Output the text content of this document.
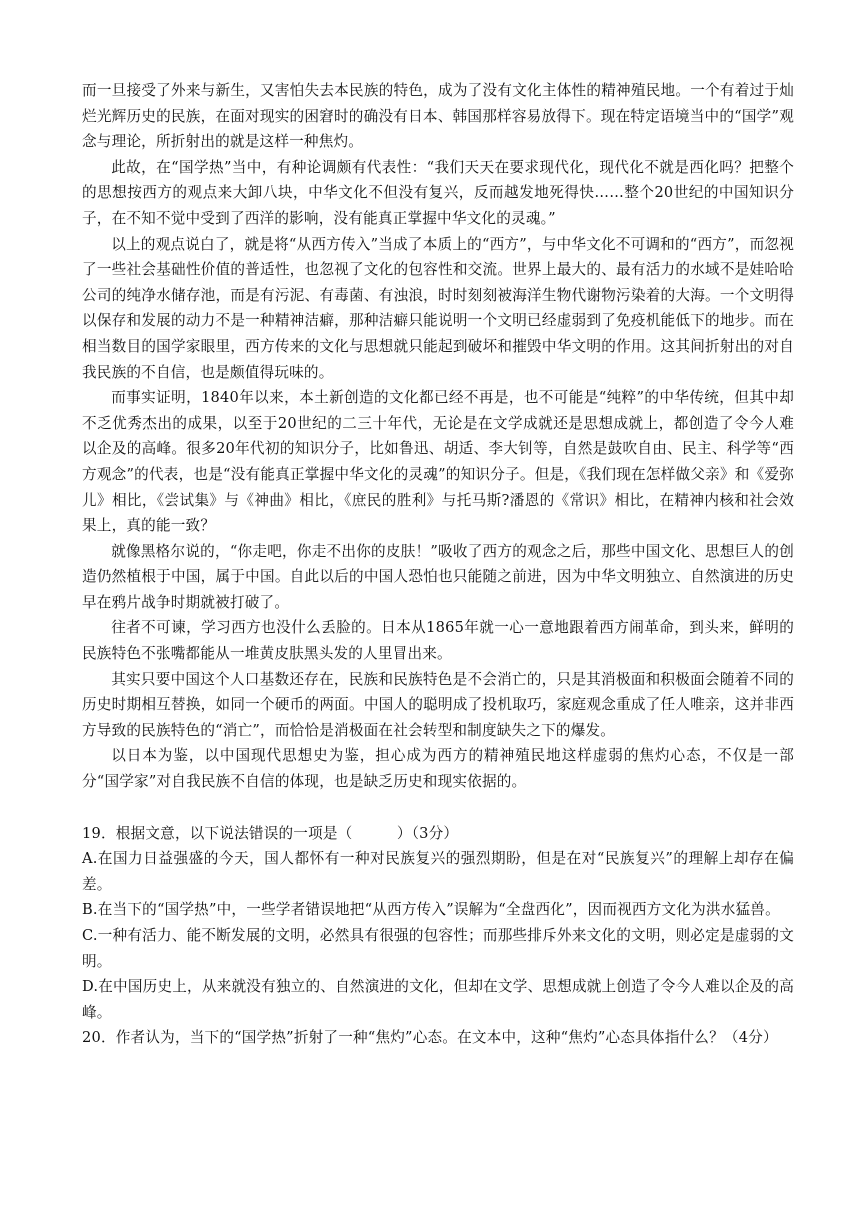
而一旦接受了外来与新生，又害怕失去本民族的特色，成为了没有文化主体性的精神殖民地。一个有着过于灿烂光辉历史的民族，在面对现实的困窘时的确没有日本、韩国那样容易放得下。现在特定语境当中的“国学”观念与理论，所折射出的就是这样一种焦灼。

此故，在“国学热”当中，有种论调颇有代表性：“我们天天在要求现代化，现代化不就是西化吗？把整个的思想按西方的观点来大卸八块，中华文化不但没有复兴，反而越发地死得快……整个20世纪的中国知识分子，在不知不觉中受到了西洋的影响，没有能真正掌握中华文化的灵魂。”

以上的观点说白了，就是将“从西方传入”当成了本质上的“西方”，与中华文化不可调和的“西方”，而忽视了一些社会基础性价值的普适性，也忽视了文化的包容性和交流。世界上最大的、最有活力的水域不是娃哈哈公司的纯净水储存池，而是有污泥、有毒菌、有浊浪，时时刻刻被海洋生物代谢物污染着的大海。一个文明得以保存和发展的动力不是一种精神洁癖，那种洁癖只能说明一个文明已经虚弱到了免疫机能低下的地步。而在相当数目的国学家眼里，西方传来的文化与思想就只能起到破坏和摧毁中华文明的作用。这其间折射出的对自我民族的不自信，也是颇值得玩味的。

而事实证明，1840年以来，本土新创造的文化都已经不再是，也不可能是“纯粹”的中华传统，但其中却不乏优秀杰出的成果，以至于20世纪的二三十年代，无论是在文学成就还是思想成就上，都创造了令今人难以企及的高峰。很多20年代初的知识分子，比如鲁迅、胡适、李大钊等，自然是鼓吹自由、民主、科学等“西方观念”的代表，也是“没有能真正掌握中华文化的灵魂”的知识分子。但是，《我们现在怎样做父亲》和《爱弥儿》相比，《尝试集》与《神曲》相比，《庶民的胜利》与托马斯?潘恩的《常识》相比，在精神内核和社会效果上，真的能一致？

就像黑格尔说的，“你走吧，你走不出你的皮肤！”吸收了西方的观念之后，那些中国文化、思想巨人的创造仍然植根于中国，属于中国。自此以后的中国人恐怕也只能随之前进，因为中华文明独立、自然演进的历史早在鸦片战争时期就被打破了。

往者不可谏，学习西方也没什么丢脸的。日本从1865年就一心一意地跟着西方闹革命，到头来，鲜明的民族特色不张嘴都能从一堆黄皮肤黑头发的人里冒出来。

其实只要中国这个人口基数还存在，民族和民族特色是不会消亡的，只是其消极面和积极面会随着不同的历史时期相互替换，如同一个硬币的两面。中国人的聪明成了投机取巧，家庭观念重成了任人唯亲，这并非西方导致的民族特色的“消亡”，而恰恰是消极面在社会转型和制度缺失之下的爆发。

以日本为鉴，以中国现代思想史为鉴，担心成为西方的精神殖民地这样虚弱的焦灼心态，不仅是一部分“国学家”对自我民族不自信的体现，也是缺乏历史和现实依据的。

19．根据文意，以下说法错误的一项是（　　　）（3分）

A.在国力日益强盛的今天，国人都怀有一种对民族复兴的强烈期盼，但是在对“民族复兴”的理解上却存在偏差。

B.在当下的“国学热”中，一些学者错误地把“从西方传入”误解为“全盘西化”，因而视西方文化为洪水猛兽。

C.一种有活力、能不断发展的文明，必然具有很强的包容性；而那些排斥外来文化的文明，则必定是虚弱的文明。

D.在中国历史上，从来就没有独立的、自然演进的文化，但却在文学、思想成就上创造了令今人难以企及的高峰。

20．作者认为，当下的“国学热”折射了一种“焦灼”心态。在文本中，这种“焦灼”心态具体指什么？（4分）
